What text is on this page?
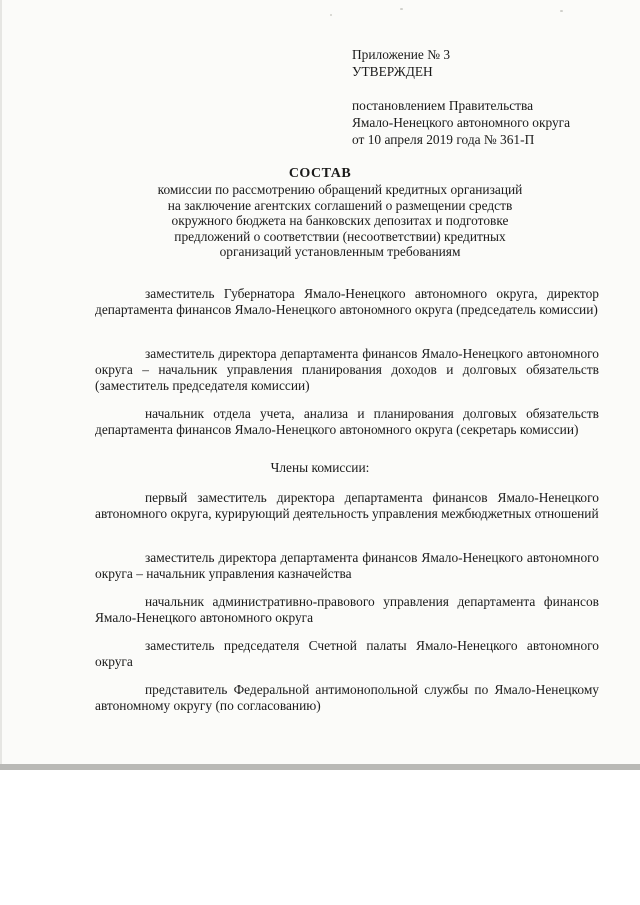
Приложение № 3
УТВЕРЖДЕН
постановлением Правительства
Ямало-Ненецкого автономного округа
от 10 апреля 2019 года № 361-П
СОСТАВ
комиссии по рассмотрению обращений кредитных организаций
на заключение агентских соглашений о размещении средств
окружного бюджета на банковских депозитах и подготовке
предложений о соответствии (несоответствии) кредитных
организаций установленным требованиям
заместитель Губернатора Ямало-Ненецкого автономного округа, директор департамента финансов Ямало-Ненецкого автономного округа (председатель комиссии)
заместитель директора департамента финансов Ямало-Ненецкого автономного округа – начальник управления планирования доходов и долговых обязательств (заместитель председателя комиссии)
начальник отдела учета, анализа и планирования долговых обязательств департамента финансов Ямало-Ненецкого автономного округа (секретарь комиссии)
Члены комиссии:
первый заместитель директора департамента финансов Ямало-Ненецкого автономного округа, курирующий деятельность управления межбюджетных отношений
заместитель директора департамента финансов Ямало-Ненецкого автономного округа – начальник управления казначейства
начальник административно-правового управления департамента финансов Ямало-Ненецкого автономного округа
заместитель председателя Счетной палаты Ямало-Ненецкого автономного округа
представитель Федеральной антимонопольной службы по Ямало-Ненецкому автономному округу (по согласованию)
